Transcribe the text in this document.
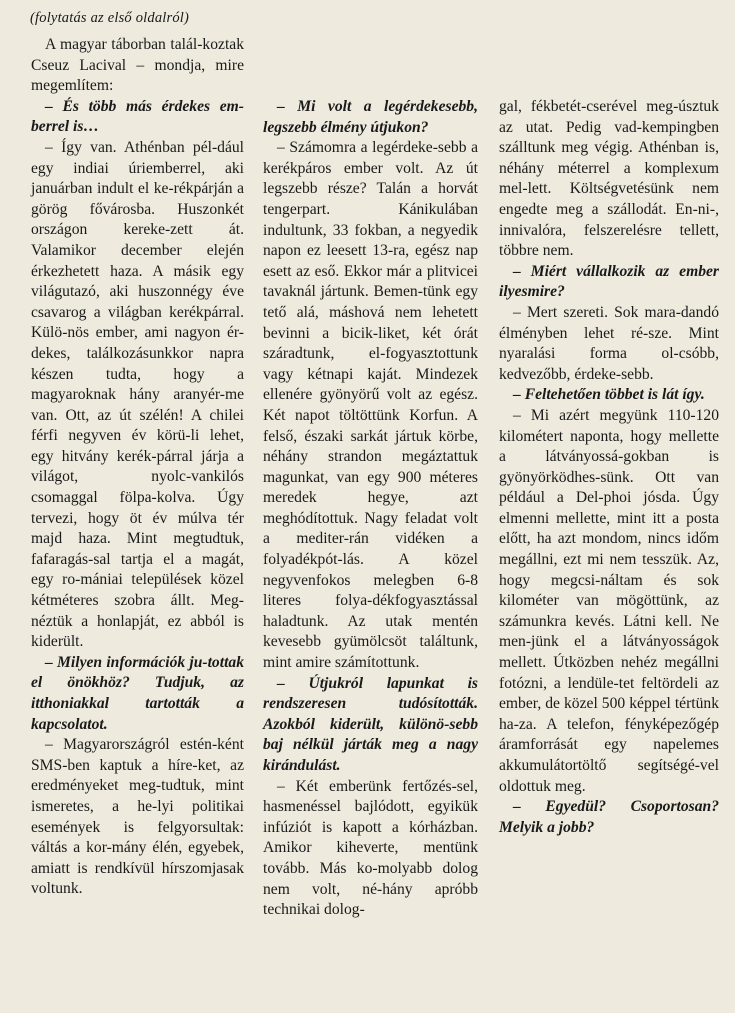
(folytatás az első oldalról)

A magyar táborban talál-koztak Cseuz Lacival – mondja, mire megemlítem:

– És több más érdekes em-berrel is…

– Így van. Athénban pél-dául egy indiai úriemberrel, aki januárban indult el ke-rékpárján a görög fővárosba. Huszonkét országon kereke-zett át. Valamikor december elején érkezhetett haza. A másik egy világutazó, aki huszonnégy éve csavarog a világban kerékpárral. Külö-nös ember, ami nagyon ér-dekes, találkozásunkkor napra készen tudta, hogy a magyaroknak hány aranyér-me van. Ott, az út szélén! A chilei férfi negyven év körü-li lehet, egy hitvány kerék-párral járja a világot, nyolc-vankilós csomaggal fölpa-kolva. Úgy tervezi, hogy öt év múlva tér majd haza. Mint megtudtuk, fafaragás-sal tartja el a magát, egy ro-mániai települések közel kétméteres szobra állt. Meg-néztük a honlapját, ez abból is kiderült.

– Milyen információk ju-tottak el önökhöz? Tudjuk, az itthoniakkal tartották a kapcsolatot.

– Magyarországról estén-ként SMS-ben kaptuk a híre-ket, az eredményeket meg-tudtuk, mint ismeretes, a he-lyi politikai események is felgyorsultak: váltás a kor-mány élén, egyebek, amiatt is rendkívül hírszomjasak voltunk.

– Mi volt a legérdekesebb, legszebb élmény útjukon?

– Számomra a legérdeke-sebb a kerékpáros ember volt. Az út legszebb része? Talán a horvát tengerpart. Kánikulában indultunk, 33 fokban, a negyedik napon ez leesett 13-ra, egész nap esett az eső. Ekkor már a plitvicei tavaknál jártunk. Bemen-tünk egy tető alá, máshová nem lehetett bevinni a bicik-liket, két órát száradtunk, el-fogyasztottunk vagy kétnapi kaját. Mindezek ellenére gyönyörű volt az egész. Két napot töltöttünk Korfun. A felső, északi sarkát jártuk körbe, néhány strandon megáztattuk magunkat, van egy 900 méteres meredek hegye, azt meghódítottuk. Nagy feladat volt a mediter-rán vidéken a folyadékpót-lás. A közel negyvenfokos melegben 6-8 literes folya-dékfogyasztással haladtunk. Az utak mentén kevesebb gyümölcsöt találtunk, mint amire számítottunk.

– Útjukról lapunkat is rendszeresen tudósították. Azokból kiderült, különö-sebb baj nélkül járták meg a nagy kirándulást.

– Két emberünk fertőzés-sel, hasmenéssel bajlódott, egyikük infúziót is kapott a kórházban. Amikor kiheverte, mentünk tovább. Más ko-molyabb dolog nem volt, né-hány apróbb technikai dolog-

gal, fékbetét-cserével meg-úsztuk az utat. Pedig vad-kempingben szálltunk meg végig. Athénban is, néhány méterrel a komplexum mel-lett. Költségvetésünk nem engedte meg a szállodát. En-ni-, innivalóra, felszerelésre tellett, többre nem.

– Miért vállalkozik az ember ilyesmire?

– Mert szereti. Sok mara-dandó élményben lehet ré-sze. Mint nyaralási forma ol-csóbb, kedvezőbb, érdeke-sebb.

– Feltehetően többet is lát így.

– Mi azért megyünk 110-120 kilométert naponta, hogy mellette a látványossá-gokban is gyönyörködhes-sünk. Ott van például a Del-phoi jósda. Úgy elmenni mellette, mint itt a posta előtt, ha azt mondom, nincs időm megállni, ezt mi nem tesszük. Az, hogy megcsi-náltam és sok kilométer van mögöttünk, az számunkra kevés. Látni kell. Ne men-jünk el a látványosságok mellett. Útközben nehéz megállni fotózni, a lendüle-tet feltördeli az ember, de közel 500 képpel tértünk ha-za. A telefon, fényképezőgép áramforrását egy napelemes akkumulátortöltő segítségé-vel oldottuk meg.

– Egyedül? Csoportosan? Melyik a jobb?
